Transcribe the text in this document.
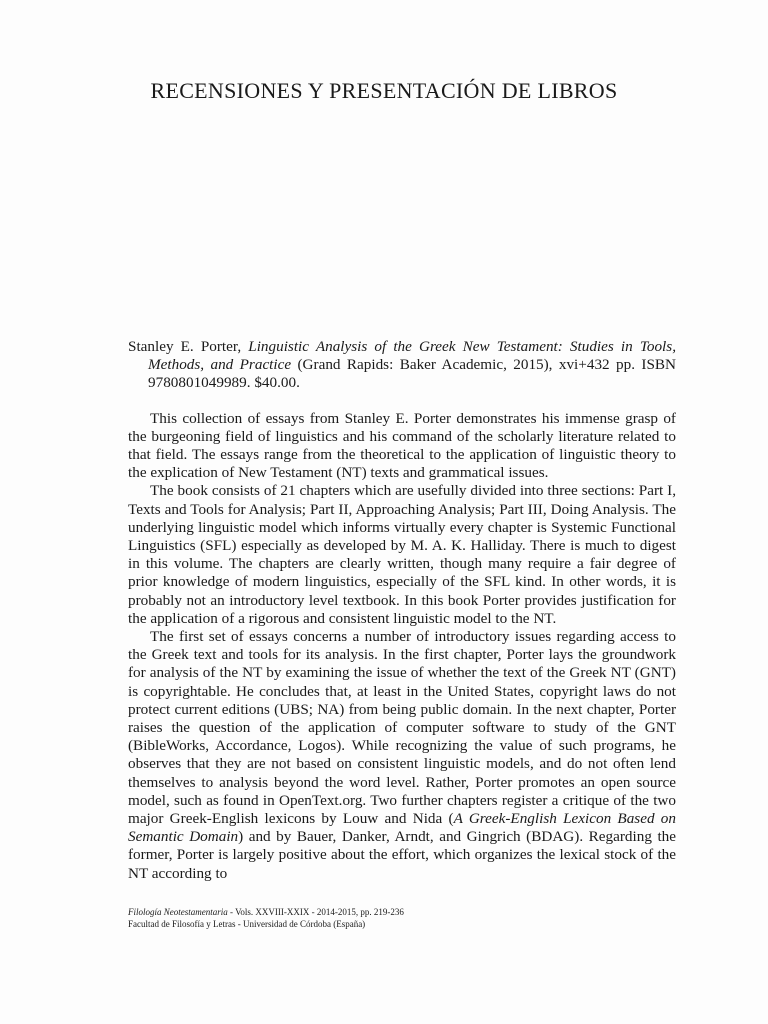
RECENSIONES Y PRESENTACIÓN DE LIBROS

Stanley E. Porter, Linguistic Analysis of the Greek New Testament: Studies in Tools, Methods, and Practice (Grand Rapids: Baker Academic, 2015), xvi+432 pp. ISBN 9780801049989. $40.00.

This collection of essays from Stanley E. Porter demonstrates his immense grasp of the burgeoning field of linguistics and his command of the scholarly literature related to that field. The essays range from the theoretical to the application of linguistic theory to the explication of New Testament (NT) texts and grammatical issues.

The book consists of 21 chapters which are usefully divided into three sections: Part I, Texts and Tools for Analysis; Part II, Approaching Analysis; Part III, Doing Analysis. The underlying linguistic model which informs virtually every chapter is Systemic Functional Linguistics (SFL) especially as developed by M. A. K. Halliday. There is much to digest in this volume. The chapters are clearly written, though many require a fair degree of prior knowledge of modern linguistics, especially of the SFL kind. In other words, it is probably not an introductory level textbook. In this book Porter provides justification for the application of a rigorous and consistent linguistic model to the NT.

The first set of essays concerns a number of introductory issues regarding access to the Greek text and tools for its analysis. In the first chapter, Porter lays the groundwork for analysis of the NT by examining the issue of whether the text of the Greek NT (GNT) is copyrightable. He concludes that, at least in the United States, copyright laws do not protect current editions (UBS; NA) from being public domain. In the next chapter, Porter raises the question of the application of computer software to study of the GNT (BibleWorks, Accordance, Logos). While recognizing the value of such programs, he observes that they are not based on consistent linguistic models, and do not often lend themselves to analysis beyond the word level. Rather, Porter promotes an open source model, such as found in OpenText.org. Two further chapters register a critique of the two major Greek-English lexicons by Louw and Nida (A Greek-English Lexicon Based on Semantic Domain) and by Bauer, Danker, Arndt, and Gingrich (BDAG). Regarding the former, Porter is largely positive about the effort, which organizes the lexical stock of the NT according to

Filología Neotestamentaria - Vols. XXVIII-XXIX - 2014-2015, pp. 219-236
Facultad de Filosofía y Letras - Universidad de Córdoba (España)
